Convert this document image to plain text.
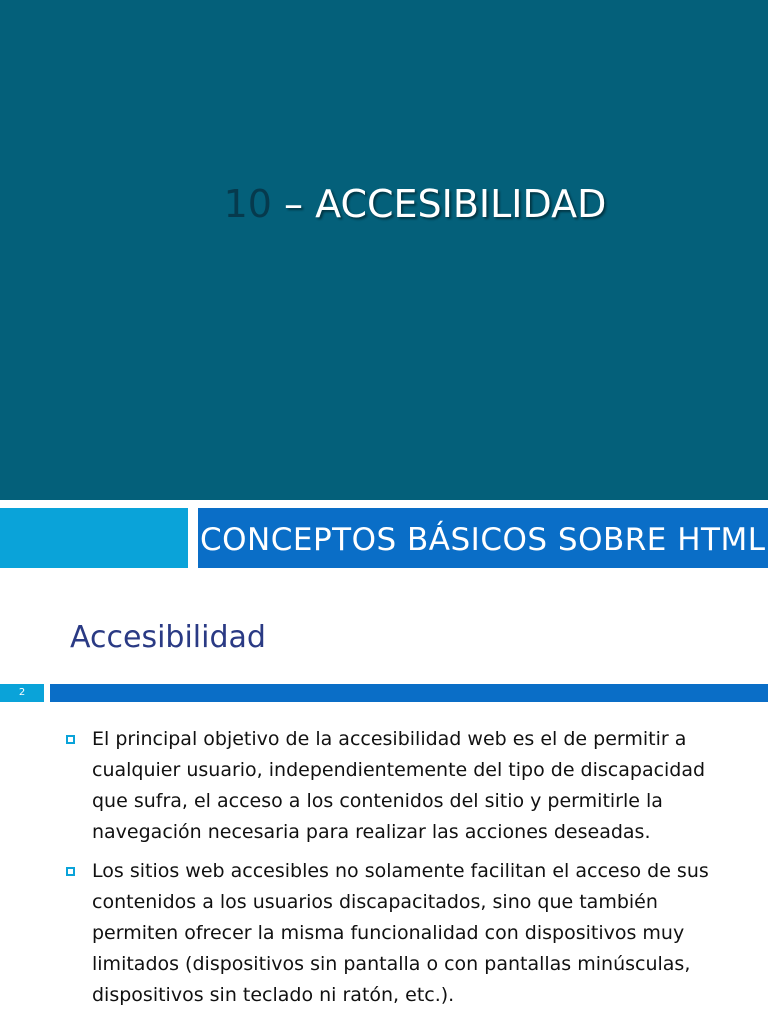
10 – ACCESIBILIDAD
CONCEPTOS BÁSICOS SOBRE HTML
Accesibilidad
2
El principal objetivo de la accesibilidad web es el de permitir a cualquier usuario, independientemente del tipo de discapacidad que sufra, el acceso a los contenidos del sitio y permitirle la navegación necesaria para realizar las acciones deseadas.
Los sitios web accesibles no solamente facilitan el acceso de sus contenidos a los usuarios discapacitados, sino que también permiten ofrecer la misma funcionalidad con dispositivos muy limitados (dispositivos sin pantalla o con pantallas minúsculas, dispositivos sin teclado ni ratón, etc.).
